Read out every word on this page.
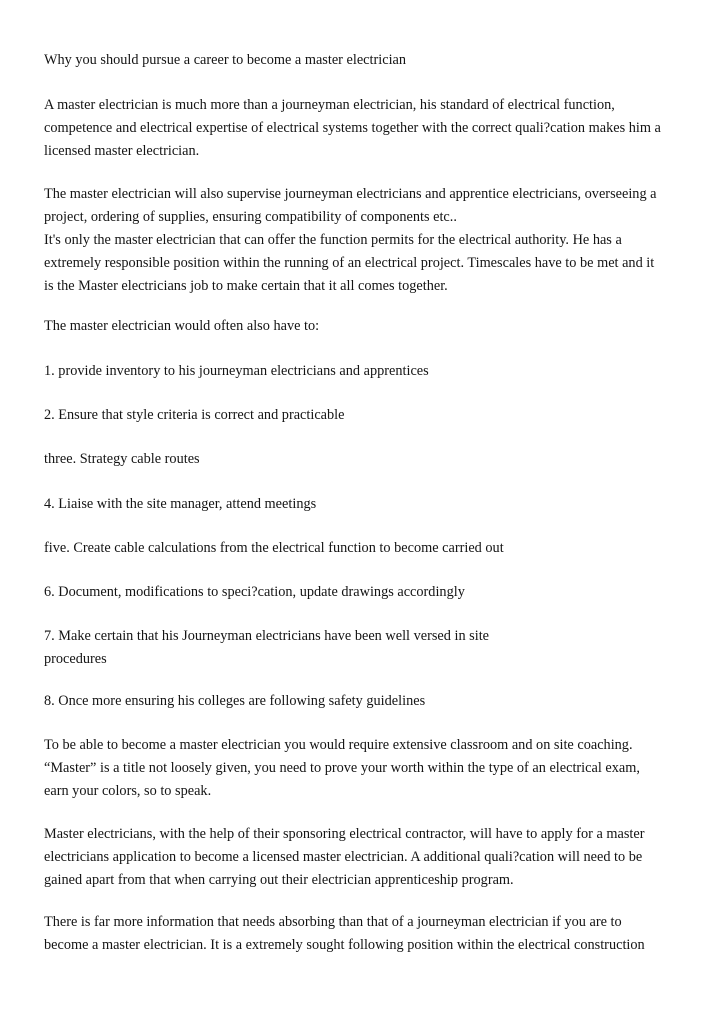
Why you should pursue a career to become a master electrician
A master electrician is much more than a journeyman electrician, his standard of electrical function,
competence and electrical expertise of electrical systems together with the correct quali?cation makes him a
licensed master electrician.
The master electrician will also supervise journeyman electricians and apprentice electricians, overseeing a
project, ordering of supplies, ensuring compatibility of components etc..
It's only the master electrician that can offer the function permits for the electrical authority. He has a
extremely responsible position within the running of an electrical project. Timescales have to be met and it
is the Master electricians job to make certain that it all comes together.
The master electrician would often also have to:
1. provide inventory to his journeyman electricians and apprentices
2. Ensure that style criteria is correct and practicable
three. Strategy cable routes
4. Liaise with the site manager, attend meetings
five. Create cable calculations from the electrical function to become carried out
6. Document, modifications to speci?cation, update drawings accordingly
7. Make certain that his Journeyman electricians have been well versed in site
procedures
8. Once more ensuring his colleges are following safety guidelines
To be able to become a master electrician you would require extensive classroom and on site coaching.
“Master” is a title not loosely given, you need to prove your worth within the type of an electrical exam,
earn your colors, so to speak.
Master electricians, with the help of their sponsoring electrical contractor, will have to apply for a master
electricians application to become a licensed master electrician. A additional quali?cation will need to be
gained apart from that when carrying out their electrician apprenticeship program.
There is far more information that needs absorbing than that of a journeyman electrician if you are to
become a master electrician. It is a extremely sought following position within the electrical construction
